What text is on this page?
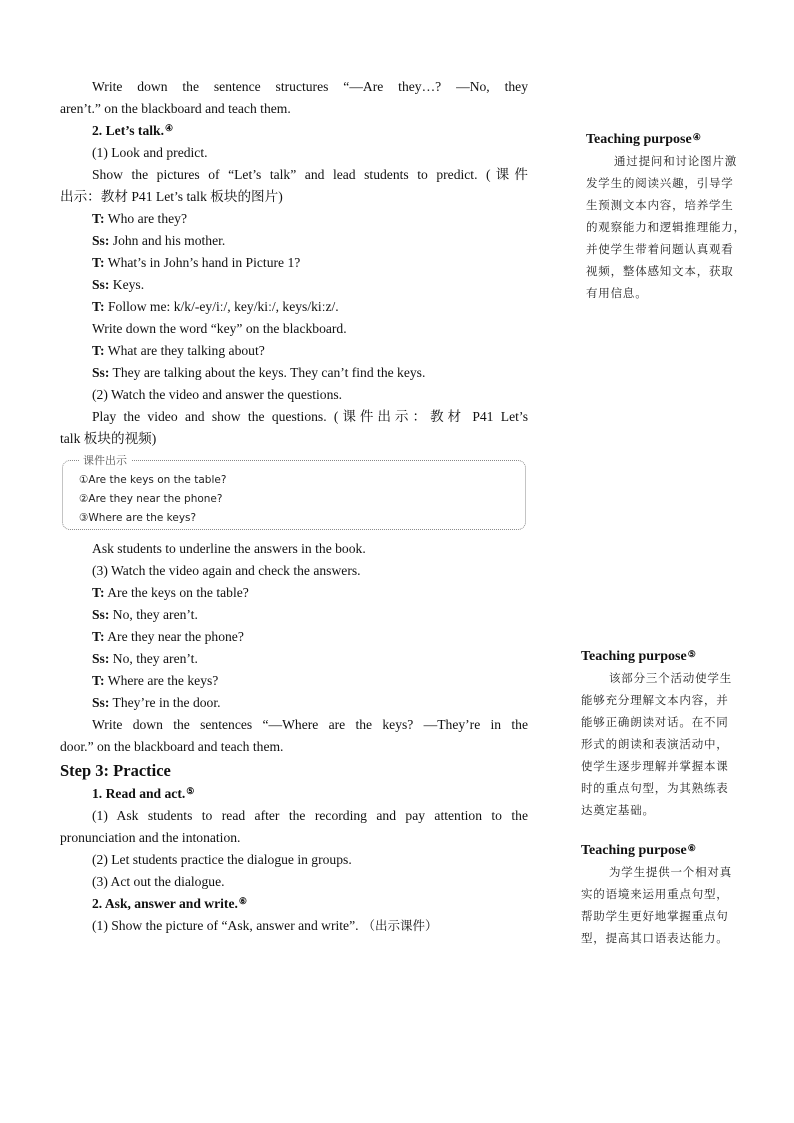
Write down the sentence structures “—Are they…? —No, they
aren’t.” on the blackboard and teach them.
2. Let’s talk.④
(1) Look and predict.
Show the pictures of “Let’s talk” and lead students to predict. (课件
出示：教材 P41 Let’s talk 板块的图片)
T: Who are they?
Ss: John and his mother.
T: What’s in John’s hand in Picture 1?
Ss: Keys.
T: Follow me: k/k/-ey/iː/, key/kiː/, keys/kiːz/.
Write down the word “key” on the blackboard.
T: What are they talking about?
Ss: They are talking about the keys. They can’t find the keys.
(2) Watch the video and answer the questions.
Play the video and show the questions. (课件出示：教材 P41 Let’s
talk 板块的视频)
课件出示
①Are the keys on the table?
②Are they near the phone?
③Where are the keys?
Ask students to underline the answers in the book.
(3) Watch the video again and check the answers.
T: Are the keys on the table?
Ss: No, they aren’t.
T: Are they near the phone?
Ss: No, they aren’t.
T: Where are the keys?
Ss: They’re in the door.
Write down the sentences “—Where are the keys? —They’re in the
door.” on the blackboard and teach them.
Step 3: Practice
1. Read and act.⑤
(1) Ask students to read after the recording and pay attention to the
pronunciation and the intonation.
(2) Let students practice the dialogue in groups.
(3) Act out the dialogue.
2. Ask, answer and write.⑥
(1) Show the picture of “Ask, answer and write”. （出示课件）
Teaching purpose④
通过提问和讨论图片激
发学生的阅读兴趣，引导学
生预测文本内容，培养学生
的观察能力和逻辑推理能力，
并使学生带着问题认真观看
视频，整体感知文本，获取
有用信息。
Teaching purpose⑤
该部分三个活动使学生
能够充分理解文本内容，并
能够正确朗读对话。在不同
形式的朗读和表演活动中，
使学生逐步理解并掌握本课
时的重点句型，为其熟练表
达奠定基础。
Teaching purpose⑥
为学生提供一个相对真
实的语境来运用重点句型，
帮助学生更好地掌握重点句
型，提高其口语表达能力。
